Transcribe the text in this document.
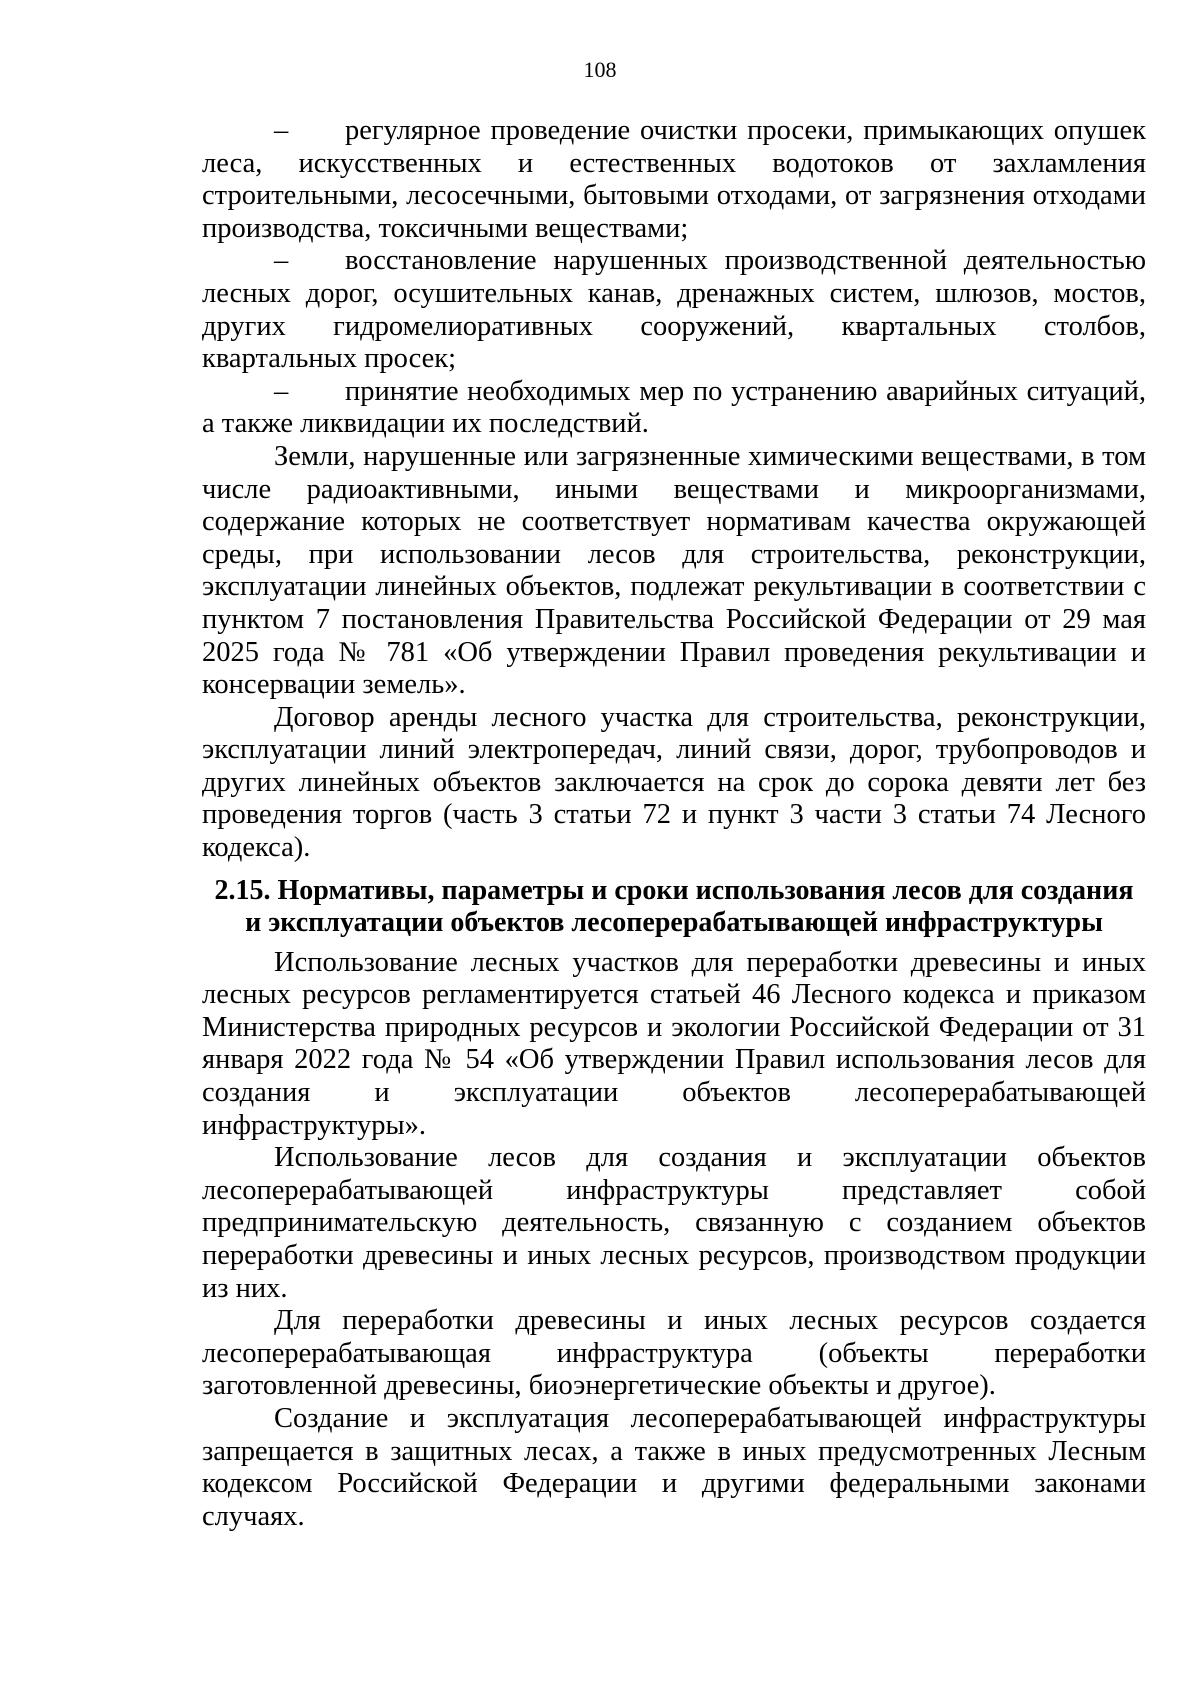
108

– регулярное проведение очистки просеки, примыкающих опушек леса, искусственных и естественных водотоков от захламления строительными, лесосечными, бытовыми отходами, от загрязнения отходами производства, токсичными веществами;

– восстановление нарушенных производственной деятельностью лесных дорог, осушительных канав, дренажных систем, шлюзов, мостов, других гидромелиоративных сооружений, квартальных столбов, квартальных просек;

– принятие необходимых мер по устранению аварийных ситуаций, а также ликвидации их последствий.

Земли, нарушенные или загрязненные химическими веществами, в том числе радиоактивными, иными веществами и микроорганизмами, содержание которых не соответствует нормативам качества окружающей среды, при использовании лесов для строительства, реконструкции, эксплуатации линейных объектов, подлежат рекультивации в соответствии с пунктом 7 постановления Правительства Российской Федерации от 29 мая 2025 года № 781 «Об утверждении Правил проведения рекультивации и консервации земель».

Договор аренды лесного участка для строительства, реконструкции, эксплуатации линий электропередач, линий связи, дорог, трубопроводов и других линейных объектов заключается на срок до сорока девяти лет без проведения торгов (часть 3 статьи 72 и пункт 3 части 3 статьи 74 Лесного кодекса).

2.15. Нормативы, параметры и сроки использования лесов для создания
и эксплуатации объектов лесоперерабатывающей инфраструктуры

Использование лесных участков для переработки древесины и иных лесных ресурсов регламентируется статьей 46 Лесного кодекса и приказом Министерства природных ресурсов и экологии Российской Федерации от 31 января 2022 года № 54 «Об утверждении Правил использования лесов для создания и эксплуатации объектов лесоперерабатывающей инфраструктуры».

Использование лесов для создания и эксплуатации объектов лесоперерабатывающей инфраструктуры представляет собой предпринимательскую деятельность, связанную с созданием объектов переработки древесины и иных лесных ресурсов, производством продукции из них.

Для переработки древесины и иных лесных ресурсов создается лесоперерабатывающая инфраструктура (объекты переработки заготовленной древесины, биоэнергетические объекты и другое).

Создание и эксплуатация лесоперерабатывающей инфраструктуры запрещается в защитных лесах, а также в иных предусмотренных Лесным кодексом Российской Федерации и другими федеральными законами случаях.
